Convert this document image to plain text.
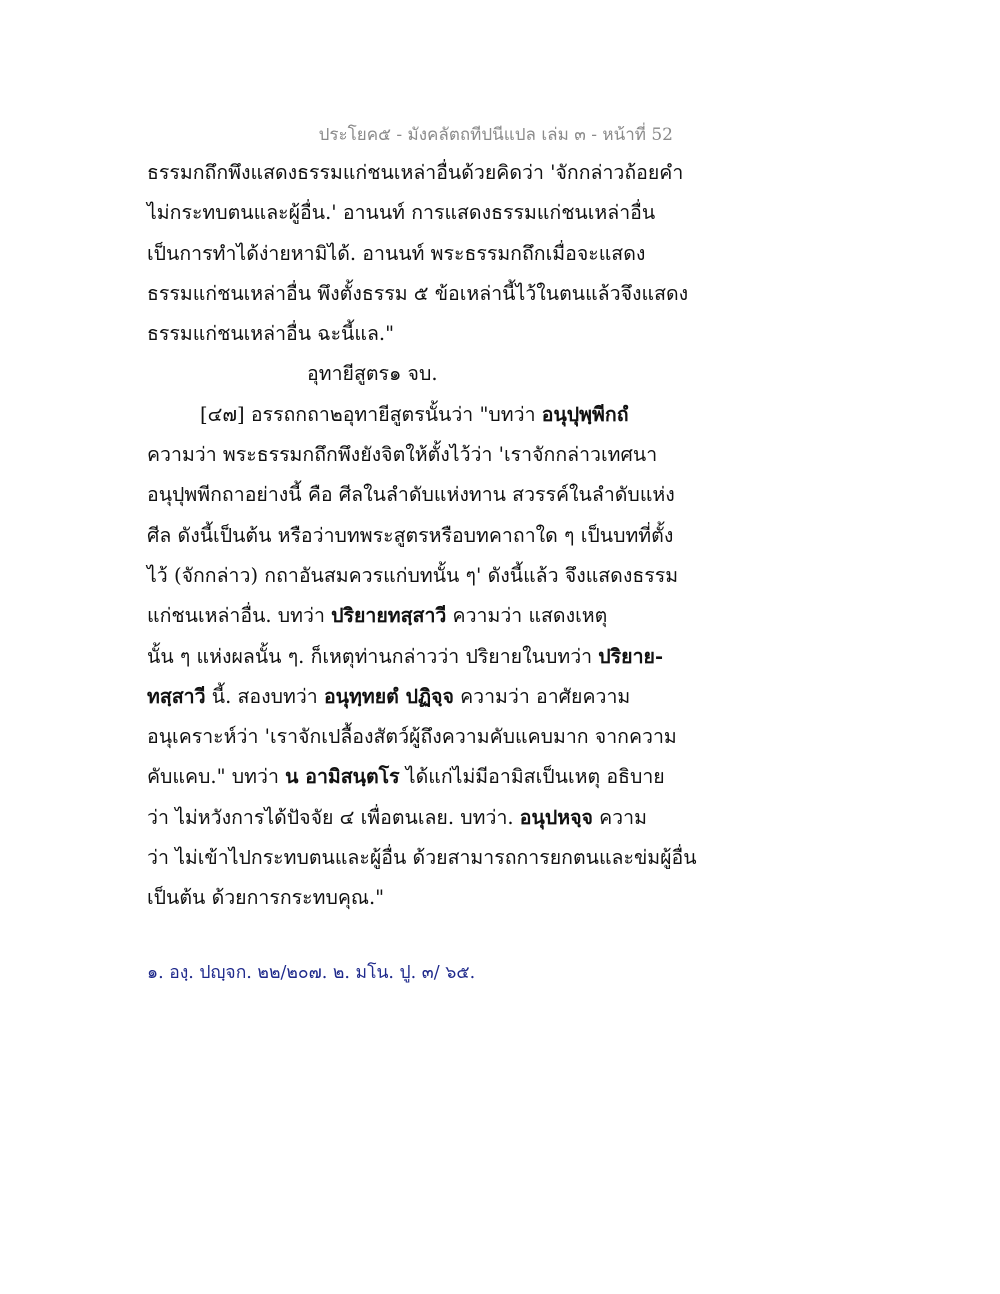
ประโยค๕ - มังคลัตถทีปนีแปล เล่ม ๓ - หน้าที่ 52
ธรรมกถึกพึงแสดงธรรมแก่ชนเหล่าอื่นด้วยคิดว่า 'จักกล่าวถ้อยคำ
ไม่กระทบตนและผู้อื่น.' อานนท์ การแสดงธรรมแก่ชนเหล่าอื่น
เป็นการทำได้ง่ายหามิได้. อานนท์ พระธรรมกถึกเมื่อจะแสดง
ธรรมแก่ชนเหล่าอื่น พึงตั้งธรรม ๕ ข้อเหล่านี้ไว้ในตนแล้วจึงแสดง
ธรรมแก่ชนเหล่าอื่น ฉะนี้แล."
อุทายีสูตร๑ จบ.
[๔๗] อรรถกถา๒อุทายีสูตรนั้นว่า "บทว่า อนุปุพฺพีกถํ
ความว่า พระธรรมกถึกพึงยังจิตให้ตั้งไว้ว่า 'เราจักกล่าวเทศนา
อนุปุพพีกถาอย่างนี้ คือ ศีลในลำดับแห่งทาน สวรรค์ในลำดับแห่ง
ศีล ดังนี้เป็นต้น หรือว่าบทพระสูตรหรือบทคาถาใด ๆ เป็นบทที่ตั้ง
ไว้ (จักกล่าว) กถาอันสมควรแก่บทนั้น ๆ' ดังนี้แล้ว จึงแสดงธรรม
แก่ชนเหล่าอื่น. บทว่า ปริยายทสฺสาวี ความว่า แสดงเหตุ
นั้น ๆ แห่งผลนั้น ๆ. ก็เหตุท่านกล่าวว่า ปริยายในบทว่า ปริยาย-
ทสฺสาวี นี้. สองบทว่า อนุทฺทยตํ ปฏิจฺจ ความว่า อาศัยความ
อนุเคราะห์ว่า 'เราจักเปลื้องสัตว์ผู้ถึงความคับแคบมาก จากความ
คับแคบ." บทว่า น อามิสนฺตโร ได้แก่ไม่มีอามิสเป็นเหตุ อธิบาย
ว่า ไม่หวังการได้ปัจจัย ๔ เพื่อตนเลย. บทว่า. อนุปหจฺจ ความ
ว่า ไม่เข้าไปกระทบตนและผู้อื่น ด้วยสามารถการยกตนและข่มผู้อื่น
เป็นต้น ด้วยการกระทบคุณ."
๑. องฺ. ปญฺจก. ๒๒/๒๐๗. ๒. มโน. ปู. ๓/ ๖๕.
